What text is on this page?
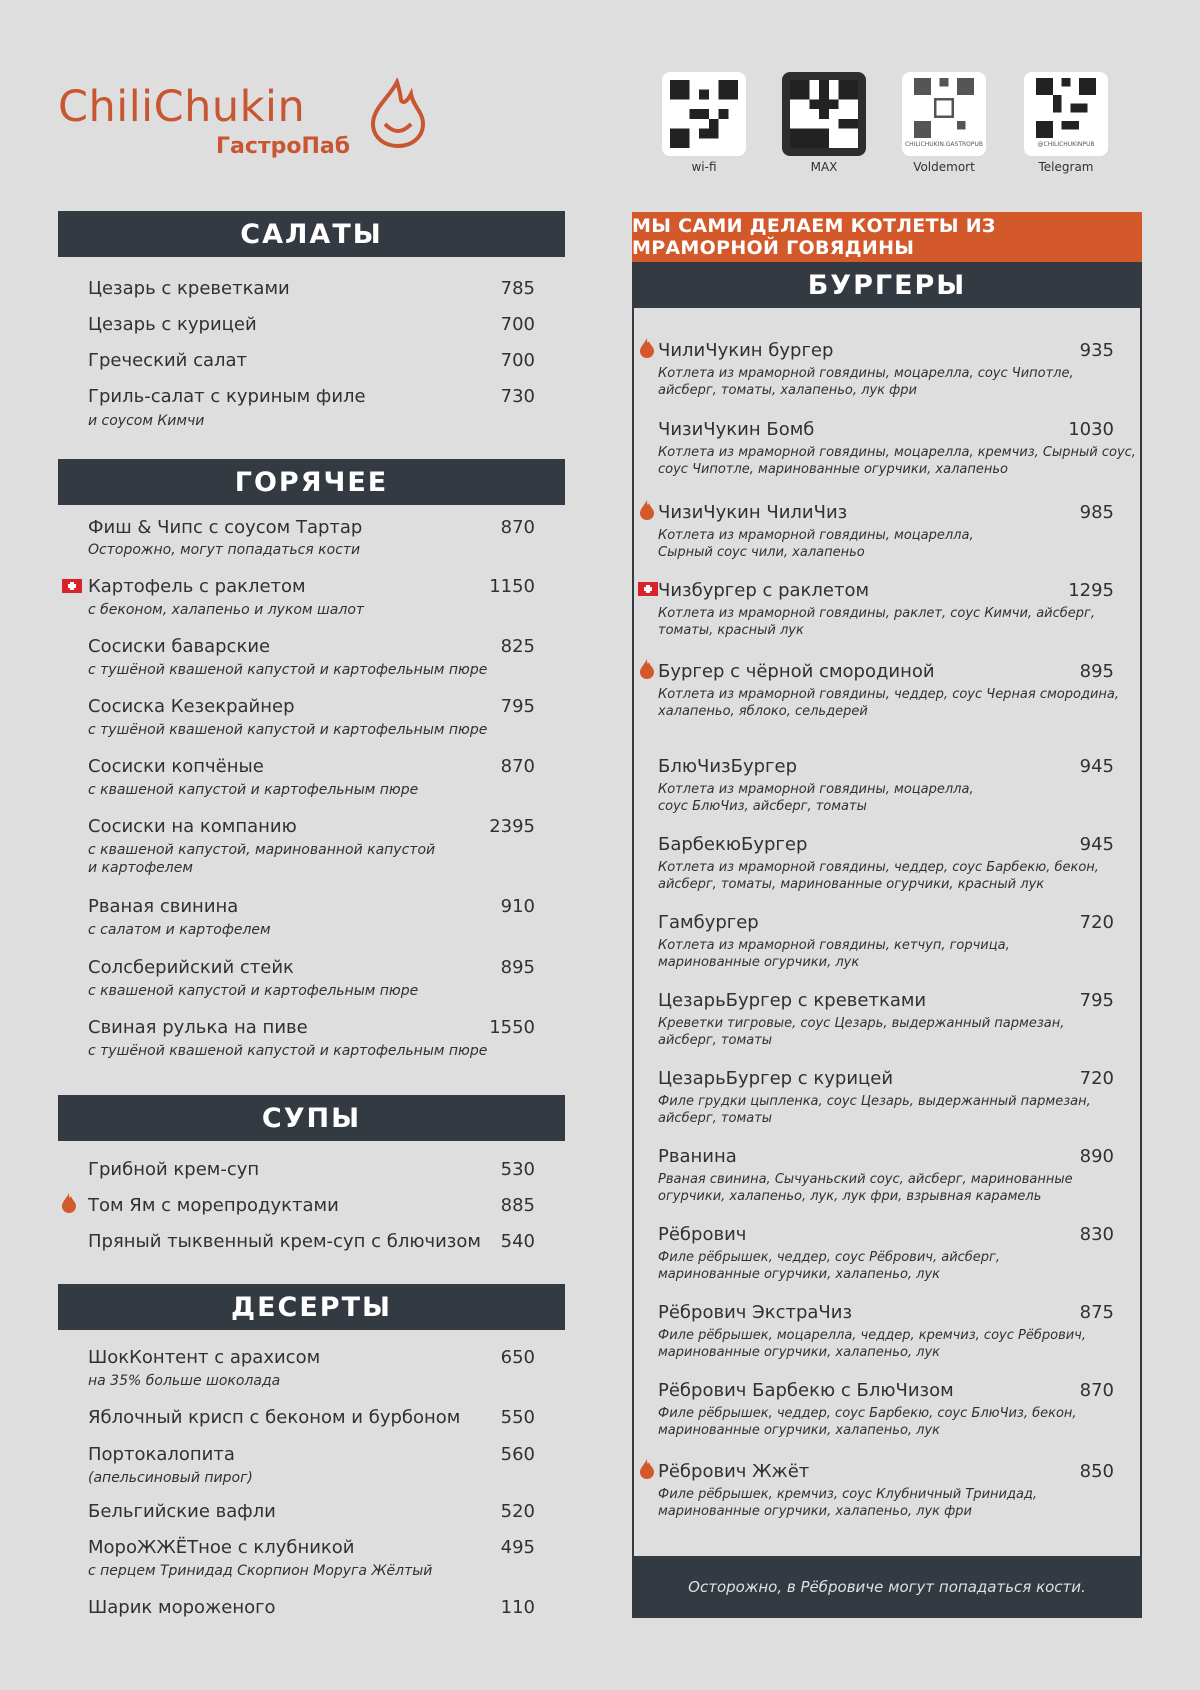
ChiliChukin
ГастроПаб
wi-fi	MAX
CHILICHUKIN.GASTROPUB
Voldemort
@CHILICHUKINPUB
Telegram
САЛАТЫ
Цезарь с креветками	785
Цезарь с курицей	700
Греческий салат	700
Гриль-салат с куриным филе	730
и соусом Кимчи
ГОРЯЧЕЕ
Фиш & Чипс с соусом Тартар	870
Осторожно, могут попадаться кости
Картофель с раклетом	1150
с беконом, халапеньо и луком шалот
Сосиски баварские	825
с тушёной квашеной капустой и картофельным пюре
Сосиска Кезекрайнер	795
с тушёной квашеной капустой и картофельным пюре
Сосиски копчёные	870
с квашеной капустой и картофельным пюре
Сосиски на компанию	2395
с квашеной капустой, маринованной капустой
и картофелем
Рваная свинина	910
с салатом и картофелем
Солсберийский стейк	895
с квашеной капустой и картофельным пюре
Свиная рулька на пиве	1550
с тушёной квашеной капустой и картофельным пюре
СУПЫ
Грибной крем-суп	530
Том Ям с морепродуктами	885
Пряный тыквенный крем-суп с блючизом 540
ДЕСЕРТЫ
ШокКонтент с арахисом	650
на 35% больше шоколада
Яблочный крисп с беконом и бурбоном 550
Портокалопита	560
(апельсиновый пирог)
Бельгийские вафли	520
МороЖЖЁТное с клубникой	495
с перцем Тринидад Скорпион Моруга Жёлтый
Шарик мороженого	110
МЫ САМИ ДЕЛАЕМ КОТЛЕТЫ ИЗ МРАМОРНОЙ ГОВЯДИНЫ
БУРГЕРЫ
ЧилиЧукин бургер	935
Котлета из мраморной говядины, моцарелла, соус Чипотле,
айсберг, томаты, халапеньо, лук фри
ЧизиЧукин Бомб	1030
Котлета из мраморной говядины, моцарелла, кремчиз, Сырный соус,
соус Чипотле, маринованные огурчики, халапеньо
ЧизиЧукин ЧилиЧиз	985
Котлета из мраморной говядины, моцарелла,
Сырный соус чили, халапеньо
Чизбургер с раклетом	1295
Котлета из мраморной говядины, раклет, соус Кимчи, айсберг,
томаты, красный лук
Бургер с чёрной смородиной	895
Котлета из мраморной говядины, чеддер, соус Черная смородина,
халапеньо, яблоко, сельдерей
БлюЧизБургер	945
Котлета из мраморной говядины, моцарелла,
соус БлюЧиз, айсберг, томаты
БарбекюБургер	945
Котлета из мраморной говядины, чеддер, соус Барбекю, бекон,
айсберг, томаты, маринованные огурчики, красный лук
Гамбургер	720
Котлета из мраморной говядины, кетчуп, горчица,
маринованные огурчики, лук
ЦезарьБургер с креветками	795
Креветки тигровые, соус Цезарь, выдержанный пармезан,
айсберг, томаты
ЦезарьБургер с курицей	720
Филе грудки цыпленка, соус Цезарь, выдержанный пармезан,
айсберг, томаты
Рванина	890
Рваная свинина, Сычуаньский соус, айсберг, маринованные
огурчики, халапеньо, лук, лук фри, взрывная карамель
Рёбрович	830
Филе рёбрышек, чеддер, соус Рёбрович, айсберг,
маринованные огурчики, халапеньо, лук
Рёбрович ЭкстраЧиз	875
Филе рёбрышек, моцарелла, чеддер, кремчиз, соус Рёбрович,
маринованные огурчики, халапеньо, лук
Рёбрович Барбекю с БлюЧизом	870
Филе рёбрышек, чеддер, соус Барбекю, соус БлюЧиз, бекон,
маринованные огурчики, халапеньо, лук
Рёбрович Жжёт	850
Филе рёбрышек, кремчиз, соус Клубничный Тринидад,
маринованные огурчики, халапеньо, лук фри
Осторожно, в Рёбровиче могут попадаться кости.
